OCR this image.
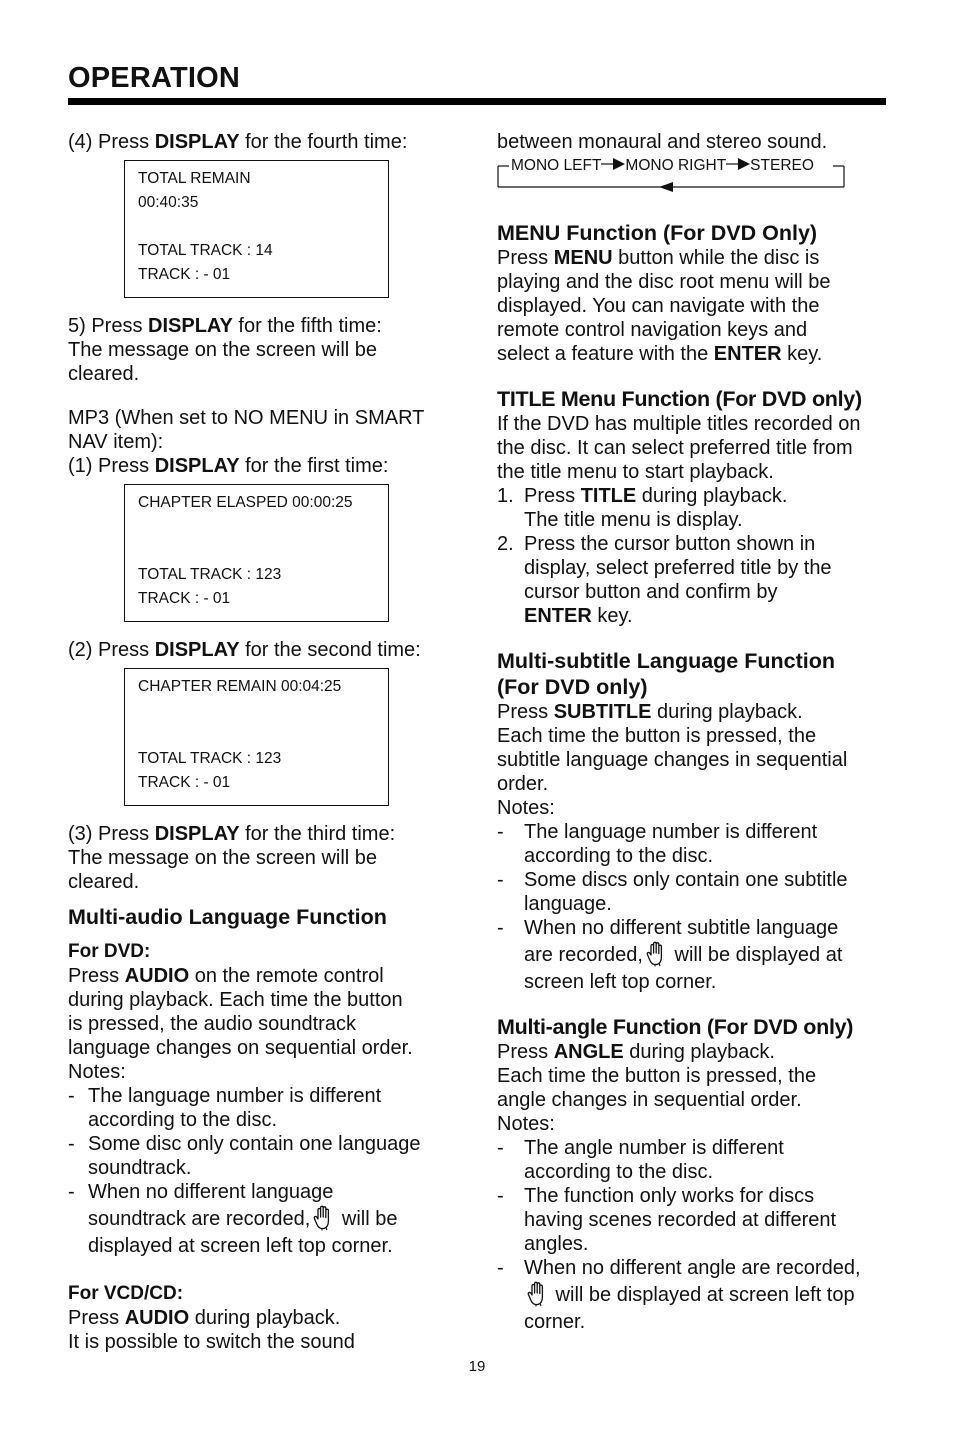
OPERATION

(4) Press DISPLAY for the fourth time:

TOTAL REMAIN
00:40:35
TOTAL TRACK : 14
TRACK : - 01

5) Press DISPLAY for the fifth time:

The message on the screen will be

cleared.

MP3 (When set to NO MENU in SMART

NAV item):

(1) Press DISPLAY for the first time:

CHAPTER ELASPED 00:00:25
TOTAL TRACK : 123
TRACK : - 01

(2) Press DISPLAY for the second time:

CHAPTER REMAIN 00:04:25
TOTAL TRACK : 123
TRACK : - 01

(3) Press DISPLAY for the third time:

The message on the screen will be

cleared.

Multi-audio Language Function

For DVD:

Press AUDIO on the remote control

during playback. Each time the button

is pressed, the audio soundtrack

language changes on sequential order.

Notes:

- The language number is different

according to the disc.

- Some disc only contain one language

soundtrack.

- When no different language

soundtrack are recorded, will be

displayed at screen left top corner.

For VCD/CD:

Press AUDIO during playback.

It is possible to switch the sound

between monaural and stereo sound.

MONO LEFT MONO RIGHT STEREO

MENU Function (For DVD Only)

Press MENU button while the disc is

playing and the disc root menu will be

displayed. You can navigate with the

remote control navigation keys and

select a feature with the ENTER key.

TITLE Menu Function (For DVD only)

If the DVD has multiple titles recorded on

the disc. It can select preferred title from

the title menu to start playback.

1. Press TITLE during playback.

The title menu is display.

2. Press the cursor button shown in

display, select preferred title by the

cursor button and confirm by

ENTER key.

Multi-subtitle Language Function

(For DVD only)

Press SUBTITLE during playback.

Each time the button is pressed, the

subtitle language changes in sequential

order.

Notes:

-	The language number is different

according to the disc.

-	Some discs only contain one subtitle

language.

-	When no different subtitle language

are recorded, will be displayed at

screen left top corner.

Multi-angle Function (For DVD only)

Press ANGLE during playback.

Each time the button is pressed, the

angle changes in sequential order.

Notes:

-	The angle number is different

according to the disc.

-	The function only works for discs

having scenes recorded at different

angles.

-	When no different angle are recorded,

will be displayed at screen left top

corner.

19
